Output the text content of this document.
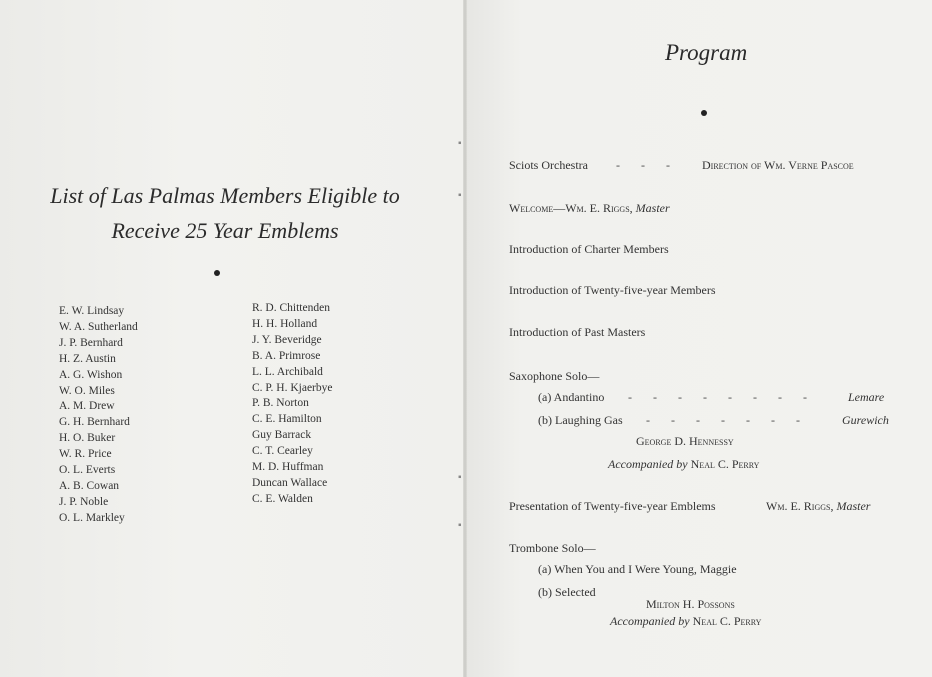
List of Las Palmas Members Eligible to
Receive 25 Year Emblems
E. W. Lindsay
W. A. Sutherland
J. P. Bernhard
H. Z. Austin
A. G. Wishon
W. O. Miles
A. M. Drew
G. H. Bernhard
H. O. Buker
W. R. Price
O. L. Everts
A. B. Cowan
J. P. Noble
O. L. Markley
R. D. Chittenden
H. H. Holland
J. Y. Beveridge
B. A. Primrose
L. L. Archibald
C. P. H. Kjaerbye
P. B. Norton
C. E. Hamilton
Guy Barrack
C. T. Cearley
M. D. Huffman
Duncan Wallace
C. E. Walden
Program
Sciots Orchestra -       -       -	Direction of Wm. Verne Pascoe
Welcome—Wm. E. Riggs, Master
Introduction of Charter Members
Introduction of Twenty-five-year Members
Introduction of Past Masters
Saxophone Solo—
(a) Andantino -       -       -       -       -       -       -       -	Lemare
(b) Laughing Gas -       -       -       -       -       -       -	Gurewich
George D. Hennessy
Accompanied by Neal C. Perry
Presentation of Twenty-five-year Emblems	Wm. E. Riggs, Master
Trombone Solo—
(a) When You and I Were Young, Maggie
(b) Selected
Milton H. Possons
Accompanied by Neal C. Perry
▪
▪
▪
▪
